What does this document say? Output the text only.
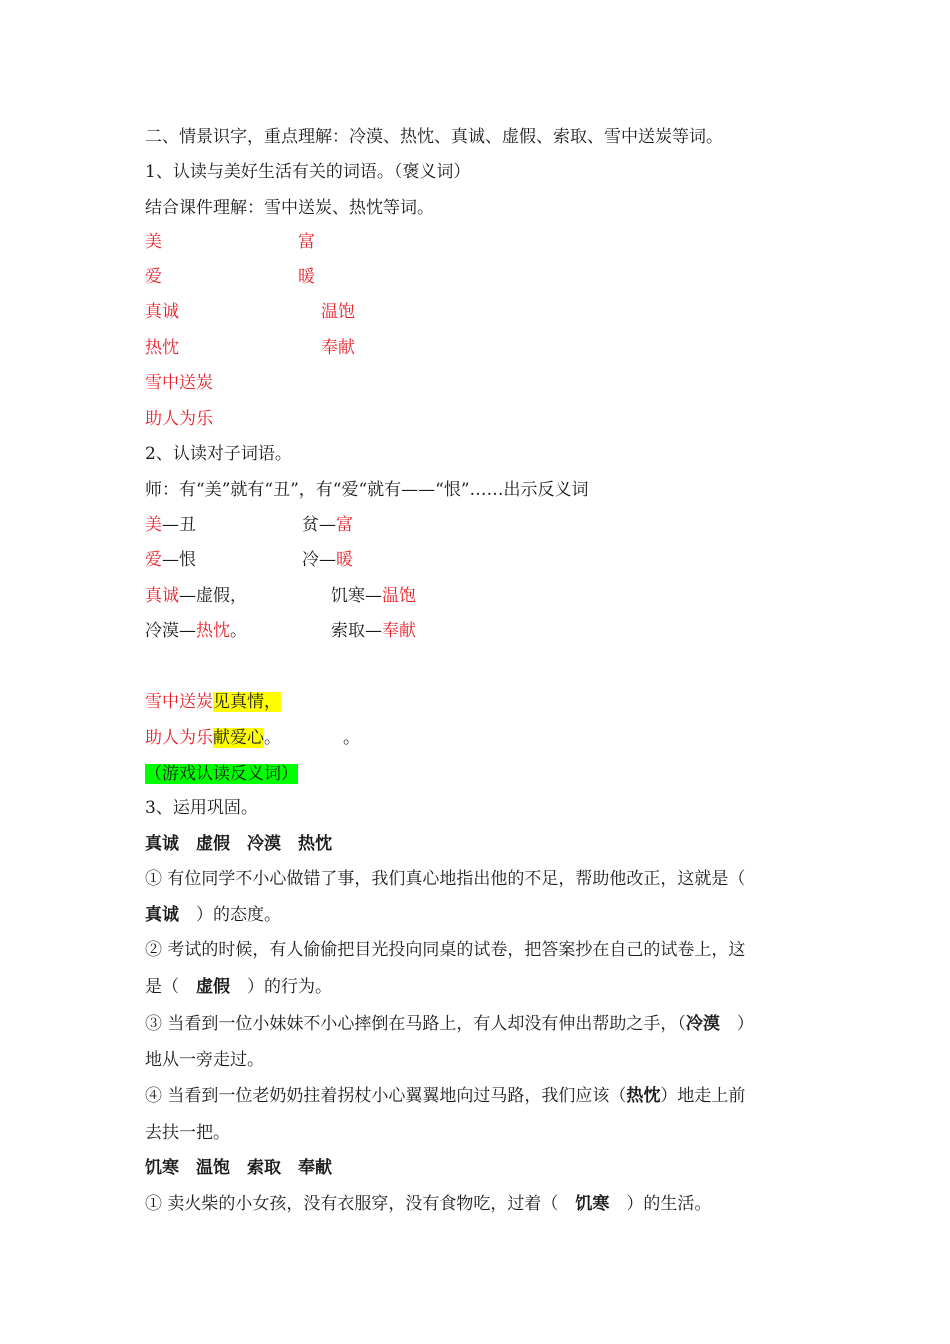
二、情景识字，重点理解：冷漠、热忱、真诚、虚假、索取、雪中送炭等词。
1、认读与美好生活有关的词语。（褒义词）
结合课件理解：雪中送炭、热忱等词。
美	富
爱	暖
真诚	温饱
热忱	奉献
雪中送炭
助人为乐
2、认读对子词语。
师：有“美”就有“丑”，有“爱“就有——“恨”……出示反义词
美—丑	贫—富
爱—恨	冷—暖
真诚—虚假，	饥寒—温饱
冷漠—热忱。	索取—奉献
雪中送炭见真情，
助人为乐献爱心。	。
（游戏认读反义词）
3、运用巩固。
真诚　虚假　冷漠　热忱
① 有位同学不小心做错了事，我们真心地指出他的不足，帮助他改正，这就是（
真诚　）的态度。
② 考试的时候，有人偷偷把目光投向同桌的试卷，把答案抄在自己的试卷上，这
是（　虚假　）的行为。
③ 当看到一位小妹妹不小心摔倒在马路上，有人却没有伸出帮助之手，（冷漠　）
地从一旁走过。
④ 当看到一位老奶奶拄着拐杖小心翼翼地向过马路，我们应该（热忱）地走上前
去扶一把。
饥寒　温饱　索取　奉献
① 卖火柴的小女孩，没有衣服穿，没有食物吃，过着（　饥寒　）的生活。
